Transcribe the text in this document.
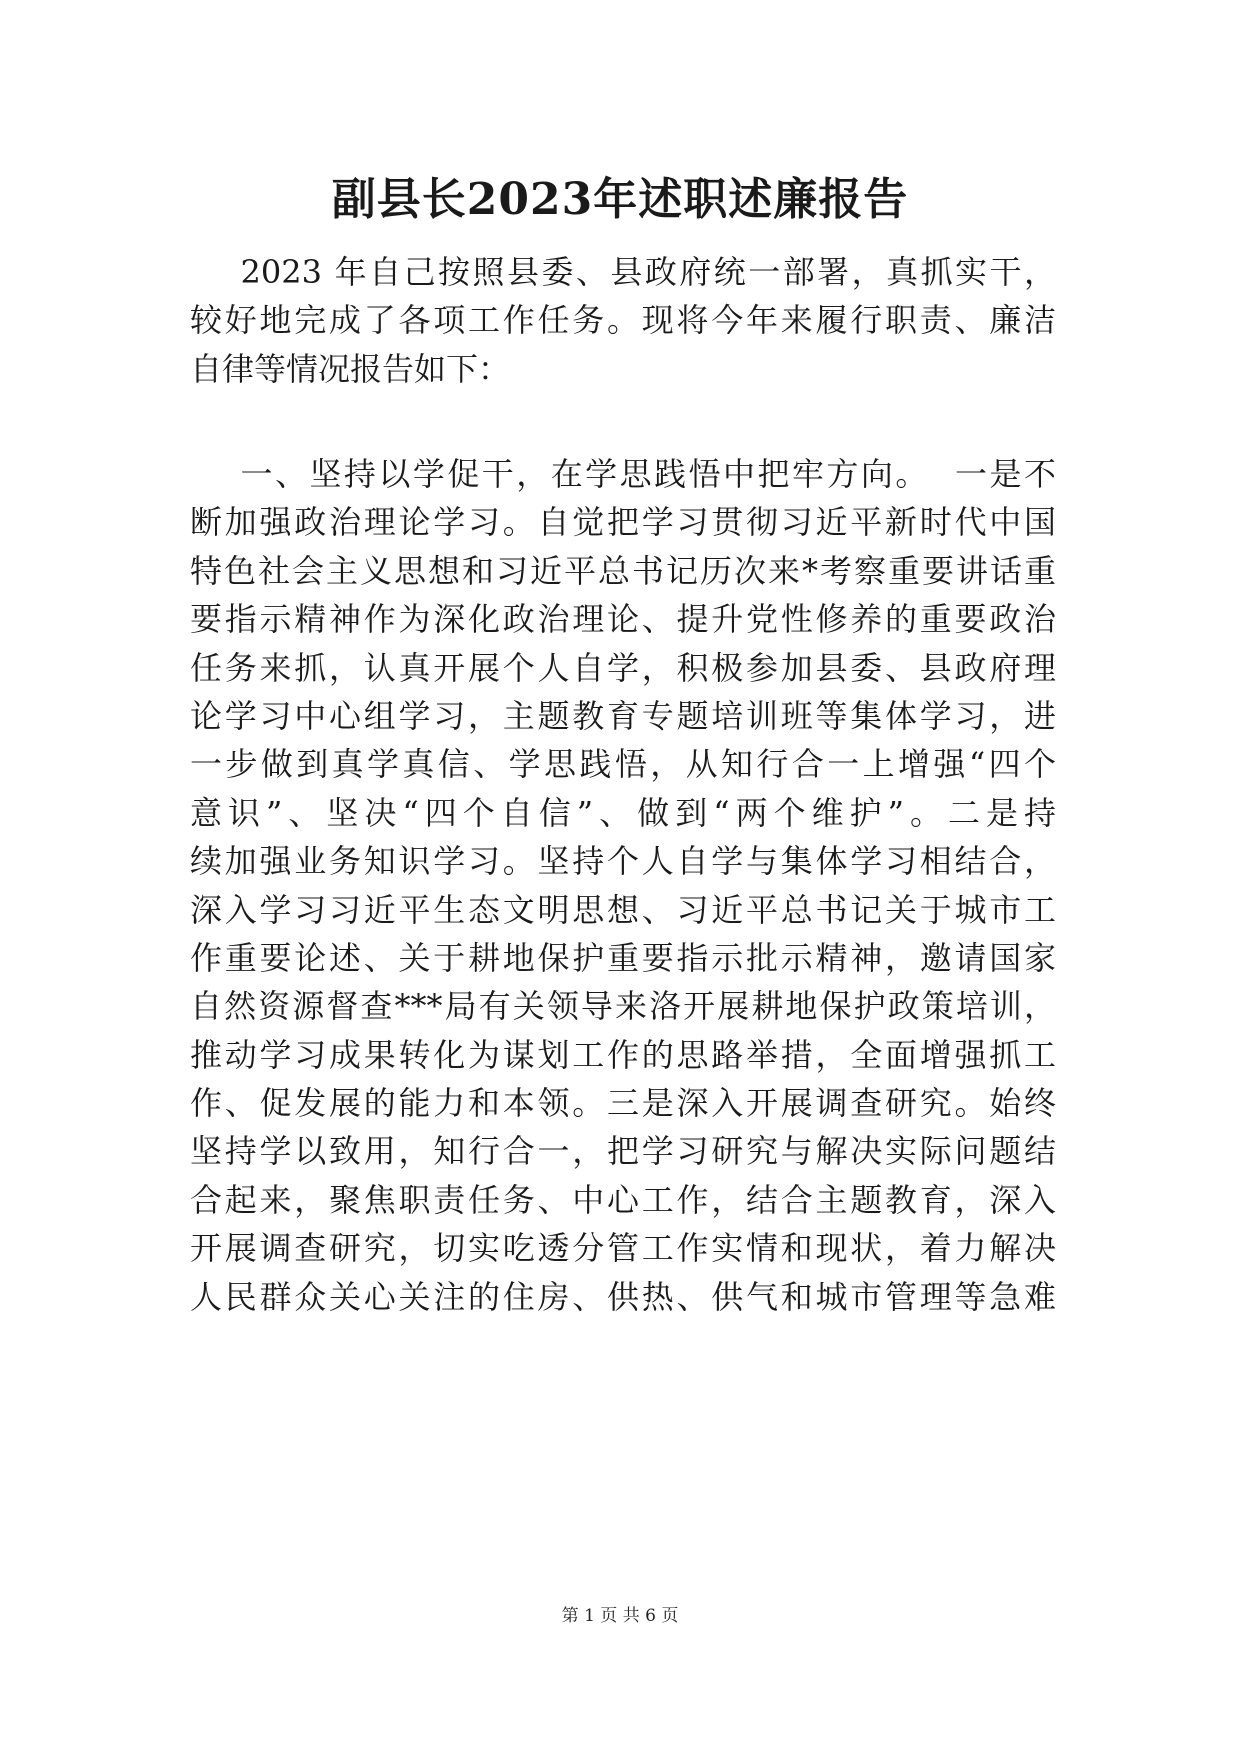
副县长2023年述职述廉报告
2023 年自己按照县委、县政府统一部署，真抓实干，
较好地完成了各项工作任务。现将今年来履行职责、廉洁
自律等情况报告如下：
一、坚持以学促干，在学思践悟中把牢方向。  一是不
断加强政治理论学习。自觉把学习贯彻习近平新时代中国
特色社会主义思想和习近平总书记历次来*考察重要讲话重
要指示精神作为深化政治理论、提升党性修养的重要政治
任务来抓，认真开展个人自学，积极参加县委、县政府理
论学习中心组学习，主题教育专题培训班等集体学习，进
一步做到真学真信、学思践悟，从知行合一上增强“四个
意识”、坚决“四个自信”、做到“两个维护”。二是持
续加强业务知识学习。坚持个人自学与集体学习相结合，
深入学习习近平生态文明思想、习近平总书记关于城市工
作重要论述、关于耕地保护重要指示批示精神，邀请国家
自然资源督查***局有关领导来洛开展耕地保护政策培训，
推动学习成果转化为谋划工作的思路举措，全面增强抓工
作、促发展的能力和本领。三是深入开展调查研究。始终
坚持学以致用，知行合一，把学习研究与解决实际问题结
合起来，聚焦职责任务、中心工作，结合主题教育，深入
开展调查研究，切实吃透分管工作实情和现状，着力解决
人民群众关心关注的住房、供热、供气和城市管理等急难
第 1 页 共 6 页
